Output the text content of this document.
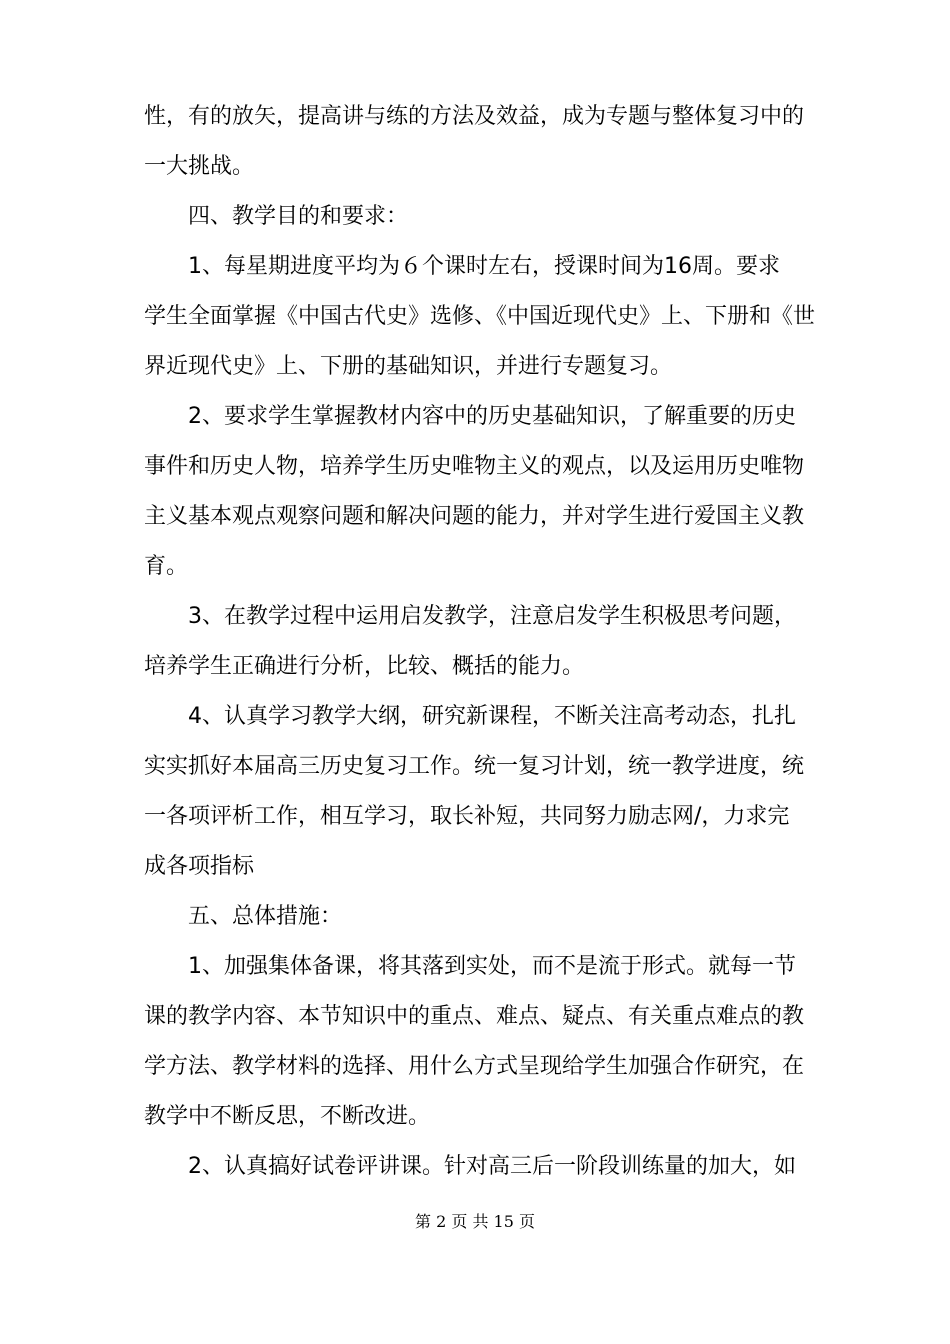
性，有的放矢，提高讲与练的方法及效益，成为专题与整体复习中的
一大挑战。
四、教学目的和要求：
1、每星期进度平均为６个课时左右，授课时间为16周。要求
学生全面掌握《中国古代史》选修、《中国近现代史》上、下册和《世
界近现代史》上、下册的基础知识，并进行专题复习。
2、要求学生掌握教材内容中的历史基础知识，了解重要的历史
事件和历史人物，培养学生历史唯物主义的观点，以及运用历史唯物
主义基本观点观察问题和解决问题的能力，并对学生进行爱国主义教
育。
3、在教学过程中运用启发教学，注意启发学生积极思考问题，
培养学生正确进行分析，比较、概括的能力。
4、认真学习教学大纲，研究新课程，不断关注高考动态，扎扎
实实抓好本届高三历史复习工作。统一复习计划，统一教学进度，统
一各项评析工作，相互学习，取长补短，共同努力励志网/，力求完
成各项指标
五、总体措施：
1、加强集体备课，将其落到实处，而不是流于形式。就每一节
课的教学内容、本节知识中的重点、难点、疑点、有关重点难点的教
学方法、教学材料的选择、用什么方式呈现给学生加强合作研究，在
教学中不断反思，不断改进。
2、认真搞好试卷评讲课。针对高三后一阶段训练量的加大，如
第 2 页 共 15 页
